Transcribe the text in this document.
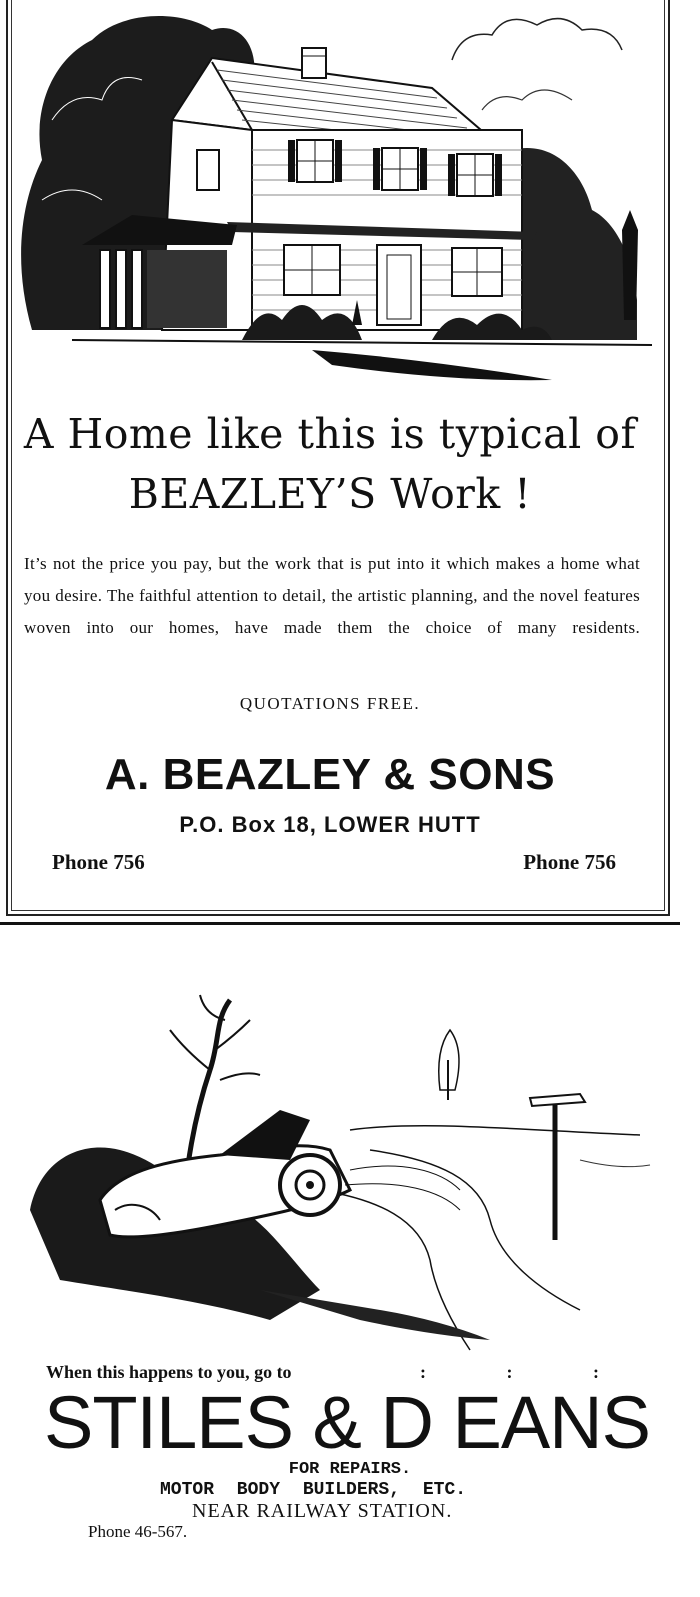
A Home like this is typical of
BEAZLEY’S Work !

It’s not the price you pay, but the work that is put into it which makes a home what you desire. The faithful attention to detail, the artistic planning, and the novel features woven into our homes, have made them the choice of many residents.

QUOTATIONS FREE.
A. BEAZLEY & SONS
P.O. Box 18, LOWER HUTT
Phone 756	Phone 756
When this happens to you, go to	: : :
STILES & D EANS
FOR REPAIRS.
MOTOR BODY BUILDERS, ETC.
NEAR RAILWAY STATION.
Phone 46-567.
